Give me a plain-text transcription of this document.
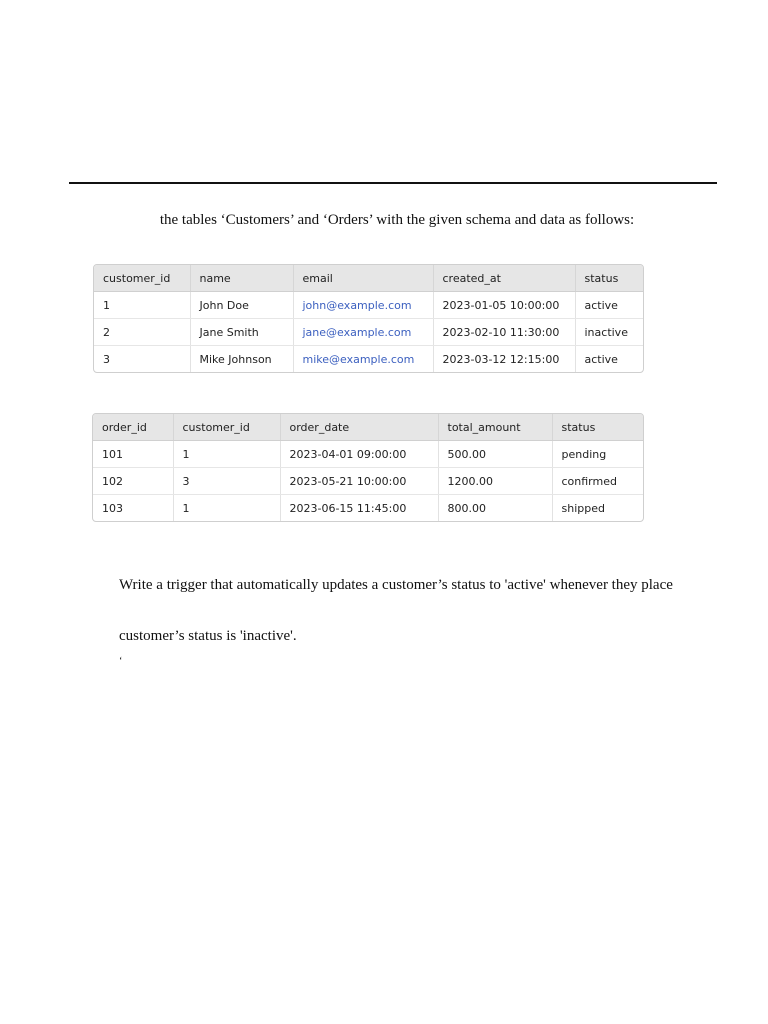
the tables ‘Customers’ and ‘Orders’ with the given schema and data as follows:
customer_id	name	email	created_at	status
1	John Doe	john@example.com	2023-01-05 10:00:00	active
2	Jane Smith	jane@example.com	2023-02-10 11:30:00	inactive
3	Mike Johnson	mike@example.com	2023-03-12 12:15:00	active
order_id	customer_id	order_date	total_amount	status
101	1	2023-04-01 09:00:00	500.00	pending
102	3	2023-05-21 10:00:00	1200.00	confirmed
103	1	2023-06-15 11:45:00	800.00	shipped
Write a trigger that automatically updates a customer’s status to 'active' whenever they place
customer’s status is 'inactive'.
‘
